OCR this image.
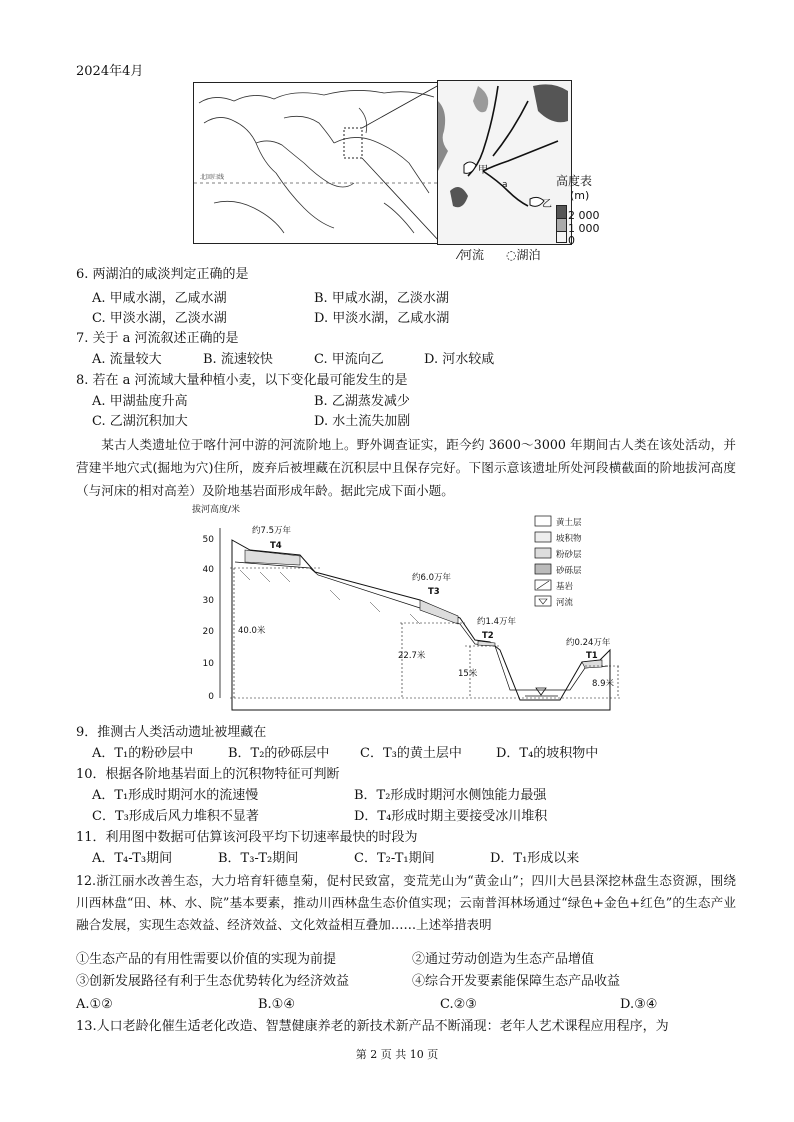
2024年4月
北回归线
甲
乙
a	高度表
(m)
2 000
1 000
0
⁄河流 ◌湖泊
6. 两湖泊的咸淡判定正确的是
A. 甲咸水湖，乙咸水湖	B. 甲咸水湖，乙淡水湖
C. 甲淡水湖，乙淡水湖	D. 甲淡水湖，乙咸水湖
7. 关于 a 河流叙述正确的是
A. 流量较大	B. 流速较快	C. 甲流向乙	D. 河水较咸
8. 若在 a 河流域大量种植小麦，以下变化最可能发生的是
A. 甲湖盐度升高	B. 乙湖蒸发减少
C. 乙湖沉积加大	D. 水土流失加剧
某古人类遗址位于喀什河中游的河流阶地上。野外调查证实，距今约 3600～3000 年期间古人类在该处活动，并营建半地穴式(掘地为穴)住所，废弃后被埋藏在沉积层中且保存完好。下图示意该遗址所处河段横截面的阶地拔河高度（与河床的相对高差）及阶地基岩面形成年龄。据此完成下面小题。
拔河高度/米
50
40
30
20
10
0
40.0米
22.7米
15米
8.9米
约7.5万年
约6.0万年
约1.4万年
约0.24万年
T4
T3
T2
T1
黄土层
坡积物
粉砂层
砂砾层
基岩
河流
9．推测古人类活动遗址被埋藏在
A．T₁的粉砂层中	B．T₂的砂砾层中 C．T₃的黄土层中	D．T₄的坡积物中
10．根据各阶地基岩面上的沉积物特征可判断
A．T₁形成时期河水的流速慢	B．T₂形成时期河水侧蚀能力最强
C．T₃形成后风力堆积不显著	D．T₄形成时期主要接受冰川堆积
11．利用图中数据可估算该河段平均下切速率最快的时段为
A．T₄-T₃期间	B．T₃-T₂期间	C．T₂-T₁期间	D．T₁形成以来
12.浙江丽水改善生态，大力培育轩德皇菊，促村民致富，变荒芜山为“黄金山”；四川大邑县深挖林盘生态资源，围绕川西林盘“田、林、水、院”基本要素，推动川西林盘生态价值实现；云南普洱林场通过“绿色+金色+红色”的生态产业融合发展，实现生态效益、经济效益、文化效益相互叠加……上述举措表明
①生态产品的有用性需要以价值的实现为前提	②通过劳动创造为生态产品增值
③创新发展路径有利于生态优势转化为经济效益	④综合开发要素能保障生态产品收益
A.①②	B.①④	C.②③	D.③④
13.人口老龄化催生适老化改造、智慧健康养老的新技术新产品不断涌现：老年人艺术课程应用程序，为
第 2 页 共 10 页
